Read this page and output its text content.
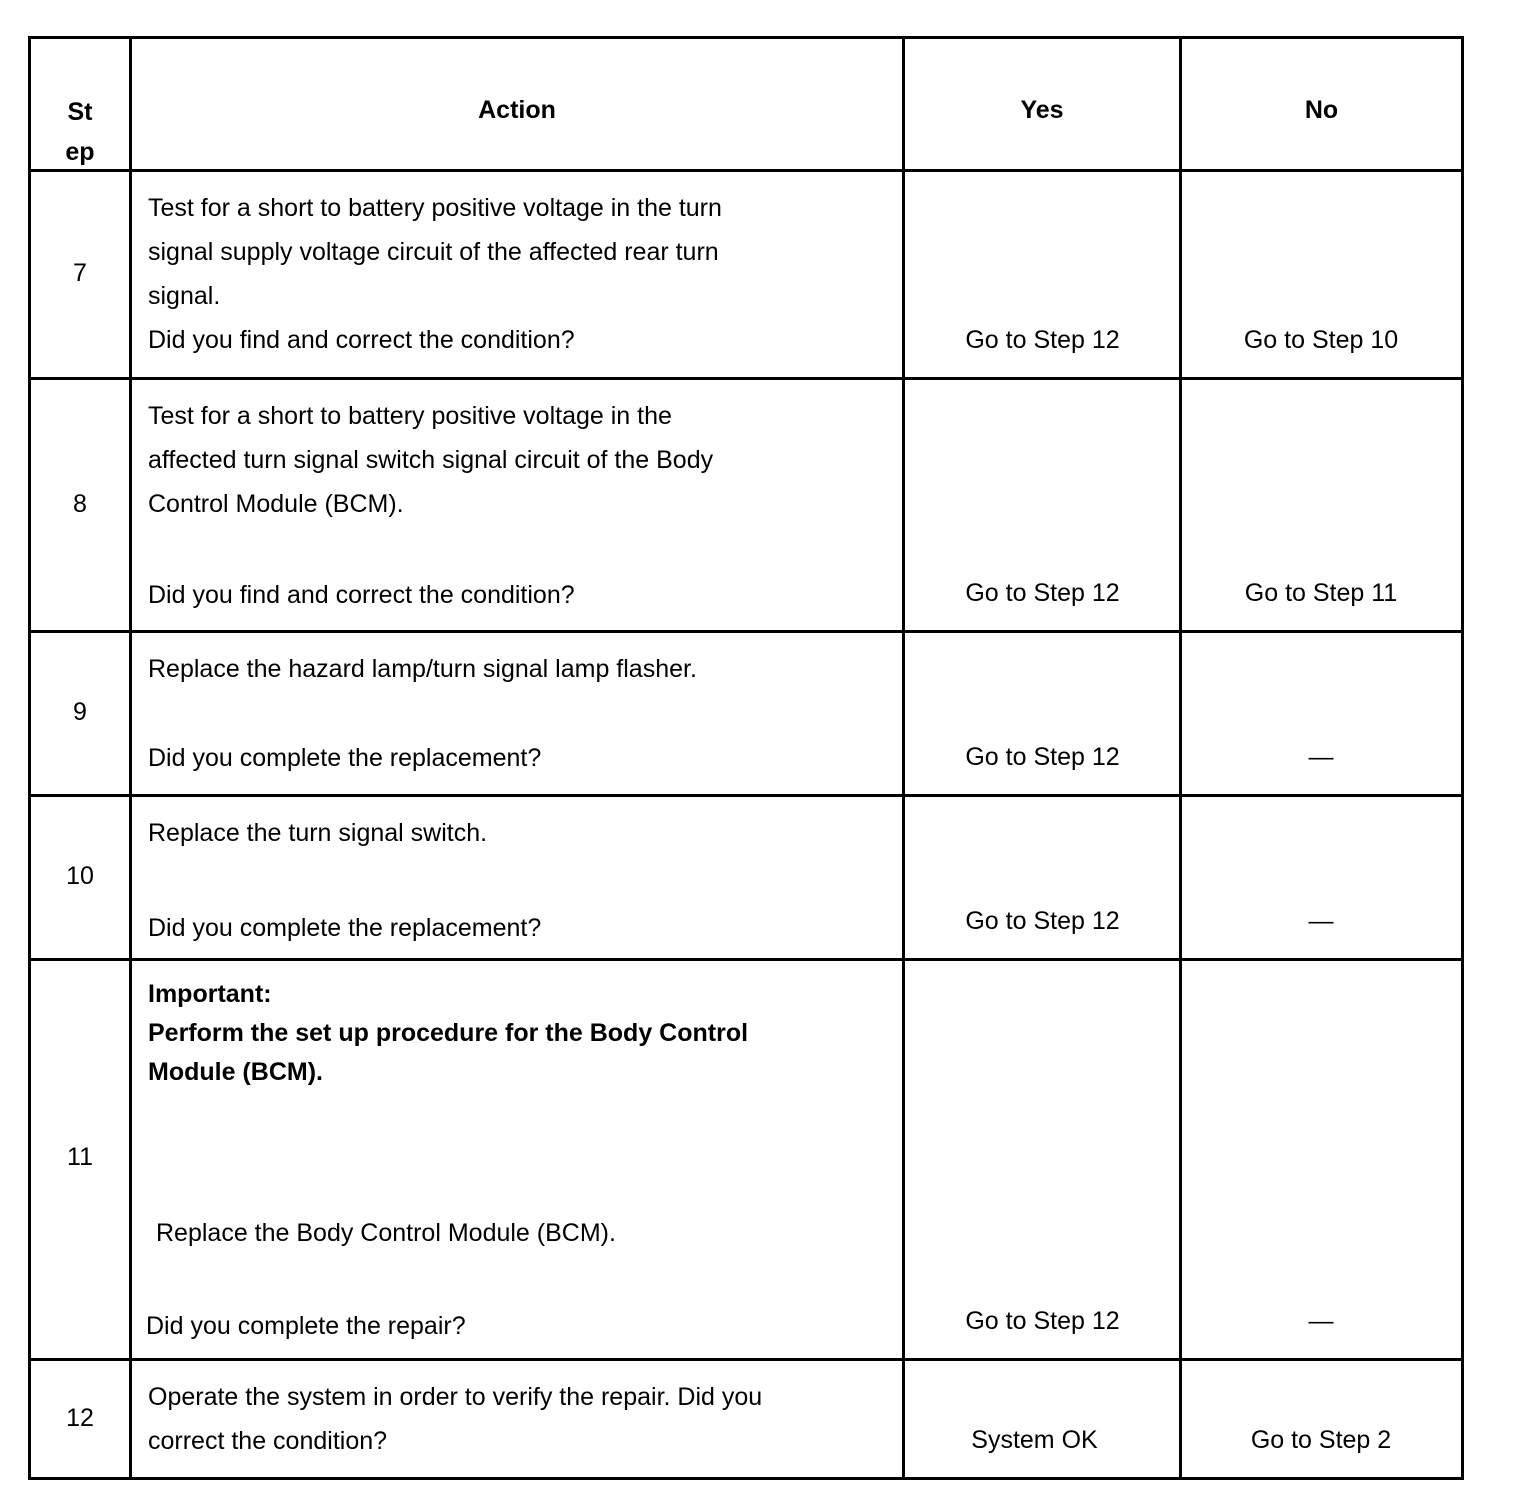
St
ep
Action	Yes	No
7
Test for a short to battery positive voltage in the turn
signal supply voltage circuit of the affected rear turn
signal.
Did you find and correct the condition?	Go to Step 12	Go to Step 10
8
Test for a short to battery positive voltage in the
affected turn signal switch signal circuit of the Body
Control Module (BCM).
Did you find and correct the condition?	Go to Step 12	Go to Step 11
9
Replace the hazard lamp/turn signal lamp flasher.
Did you complete the replacement?	Go to Step 12	—
10
Replace the turn signal switch.
Did you complete the replacement?	Go to Step 12	—
11
Important:
Perform the set up procedure for the Body Control
Module (BCM).
Replace the Body Control Module (BCM).
Did you complete the repair?	Go to Step 12	—
12
Operate the system in order to verify the repair. Did you
correct the condition?	System OK	Go to Step 2
